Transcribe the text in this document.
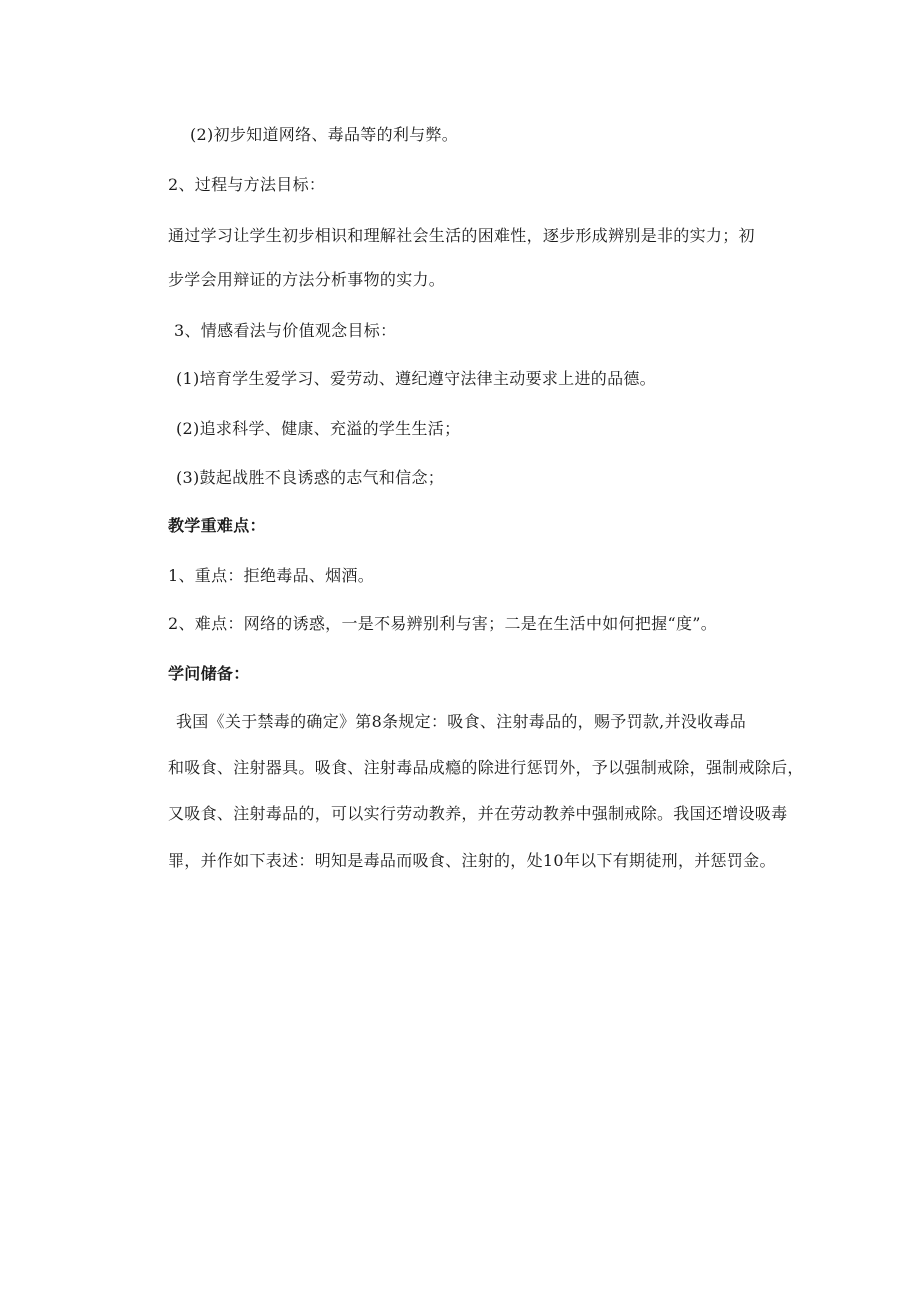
(2)初步知道网络、毒品等的利与弊。
2、过程与方法目标：
通过学习让学生初步相识和理解社会生活的困难性，逐步形成辨别是非的实力；初
步学会用辩证的方法分析事物的实力。
3、情感看法与价值观念目标：
(1)培育学生爱学习、爱劳动、遵纪遵守法律主动要求上进的品德。
(2)追求科学、健康、充溢的学生生活；
(3)鼓起战胜不良诱惑的志气和信念；
教学重难点：
1、重点：拒绝毒品、烟酒。
2、难点：网络的诱惑，一是不易辨别利与害；二是在生活中如何把握“度”。
学问储备：
我国《关于禁毒的确定》第8条规定：吸食、注射毒品的，赐予罚款,并没收毒品
和吸食、注射器具。吸食、注射毒品成瘾的除进行惩罚外，予以强制戒除，强制戒除后，
又吸食、注射毒品的，可以实行劳动教养，并在劳动教养中强制戒除。我国还增设吸毒
罪，并作如下表述：明知是毒品而吸食、注射的，处10年以下有期徒刑，并惩罚金。
